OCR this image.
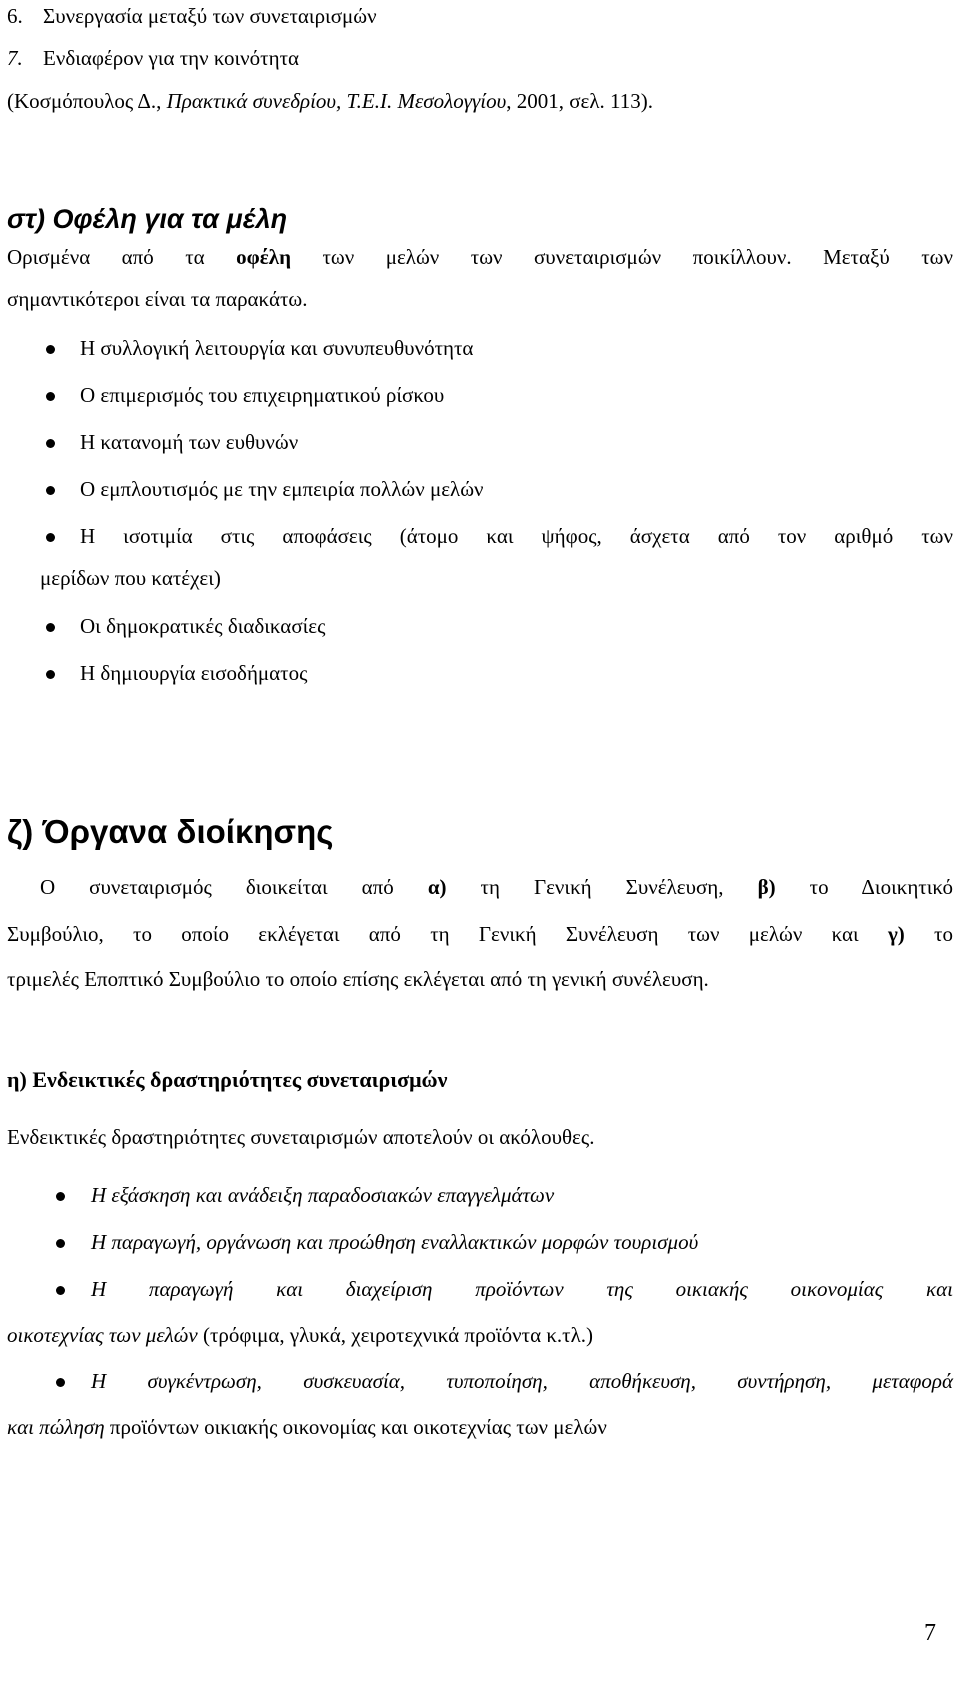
6. Συνεργασία μεταξύ των συνεταιρισμών
7. Ενδιαφέρον για την κοινότητα
(Κοσμόπουλος Δ., Πρακτικά συνεδρίου, Τ.Ε.Ι. Μεσολογγίου, 2001, σελ. 113).
στ) Οφέλη για τα μέλη
Ορισμένα από τα οφέλη των μελών των συνεταιρισμών ποικίλλουν. Μεταξύ των
σημαντικότεροι είναι τα παρακάτω.
Η συλλογική λειτουργία και συνυπευθυνότητα
Ο επιμερισμός του επιχειρηματικού ρίσκου
Η κατανομή των ευθυνών
Ο εμπλουτισμός με την εμπειρία πολλών μελών
Η ισοτιμία στις αποφάσεις (άτομο και ψήφος, άσχετα από τον αριθμό των
μερίδων που κατέχει)
Οι δημοκρατικές διαδικασίες
Η δημιουργία εισοδήματος
ζ) Όργανα διοίκησης
Ο συνεταιρισμός διοικείται από α) τη Γενική Συνέλευση, β) το Διοικητικό
Συμβούλιο, το οποίο εκλέγεται από τη Γενική Συνέλευση των μελών και γ) το
τριμελές Εποπτικό Συμβούλιο το οποίο επίσης εκλέγεται από τη γενική συνέλευση.
η) Ενδεικτικές δραστηριότητες συνεταιρισμών
Ενδεικτικές δραστηριότητες συνεταιρισμών αποτελούν οι ακόλουθες.
Η εξάσκηση και ανάδειξη παραδοσιακών επαγγελμάτων
Η παραγωγή, οργάνωση και προώθηση εναλλακτικών μορφών τουρισμού
Η παραγωγή και διαχείριση προϊόντων της οικιακής οικονομίας και
οικοτεχνίας των μελών (τρόφιμα, γλυκά, χειροτεχνικά προϊόντα κ.τλ.)
Η συγκέντρωση, συσκευασία, τυποποίηση, αποθήκευση, συντήρηση, μεταφορά
και πώληση προϊόντων οικιακής οικονομίας και οικοτεχνίας των μελών
7
